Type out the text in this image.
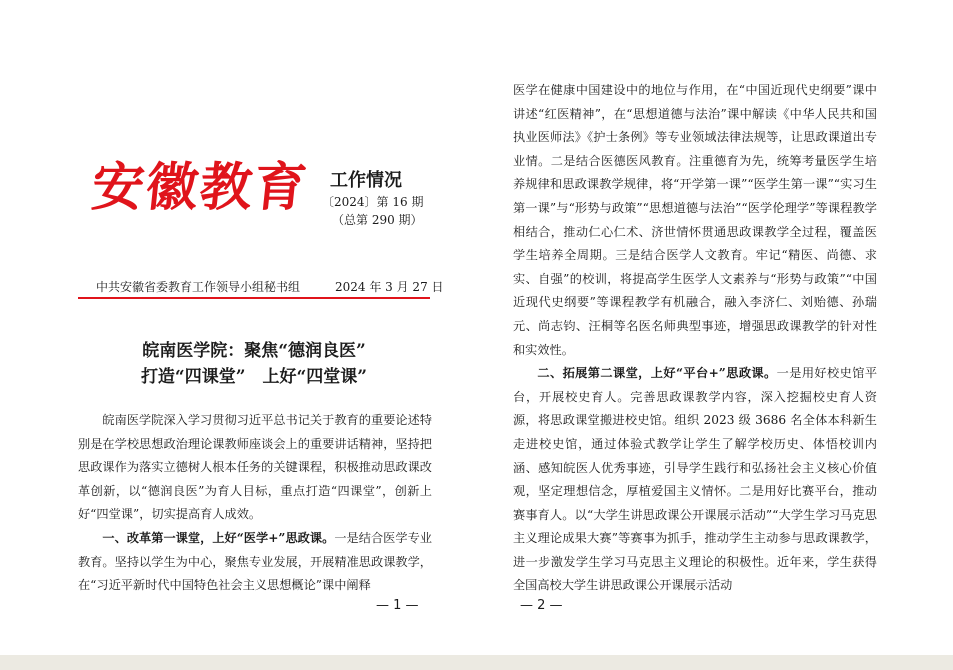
安徽教育 工作情况
〔2024〕第 16 期
（总第 290 期）
中共安徽省委教育工作领导小组秘书组	2024 年 3 月 27 日
皖南医学院：聚焦“德润良医”
打造“四课堂”　上好“四堂课”

皖南医学院深入学习贯彻习近平总书记关于教育的重要论述特别是在学校思想政治理论课教师座谈会上的重要讲话精神，坚持把思政课作为落实立德树人根本任务的关键课程，积极推动思政课改革创新，以“德润良医”为育人目标，重点打造“四课堂”，创新上好“四堂课”，切实提高育人成效。

一、改革第一课堂，上好“医学+”思政课。一是结合医学专业教育。坚持以学生为中心，聚焦专业发展，开展精准思政课教学，在“习近平新时代中国特色社会主义思想概论”课中阐释

医学在健康中国建设中的地位与作用，在“中国近现代史纲要”课中讲述“红医精神”，在“思想道德与法治”课中解读《中华人民共和国执业医师法》《护士条例》等专业领域法律法规等，让思政课道出专业情。二是结合医德医风教育。注重德育为先，统筹考量医学生培养规律和思政课教学规律，将“开学第一课”“医学生第一课”“实习生第一课”与“形势与政策”“思想道德与法治”“医学伦理学”等课程教学相结合，推动仁心仁术、济世情怀贯通思政课教学全过程，覆盖医学生培养全周期。三是结合医学人文教育。牢记“精医、尚德、求实、自强”的校训，将提高学生医学人文素养与“形势与政策”“中国近现代史纲要”等课程教学有机融合，融入李济仁、刘贻德、孙瑞元、尚志钧、汪桐等名医名师典型事迹，增强思政课教学的针对性和实效性。

二、拓展第二课堂，上好“平台+”思政课。一是用好校史馆平台，开展校史育人。完善思政课教学内容，深入挖掘校史育人资源，将思政课堂搬进校史馆。组织 2023 级 3686 名全体本科新生走进校史馆，通过体验式教学让学生了解学校历史、体悟校训内涵、感知皖医人优秀事迹，引导学生践行和弘扬社会主义核心价值观，坚定理想信念，厚植爱国主义情怀。二是用好比赛平台，推动赛事育人。以“大学生讲思政课公开课展示活动”“大学生学习马克思主义理论成果大赛”等赛事为抓手，推动学生主动参与思政课教学，进一步激发学生学习马克思主义理论的积极性。近年来，学生获得全国高校大学生讲思政课公开课展示活动

— 1 —	— 2 —
